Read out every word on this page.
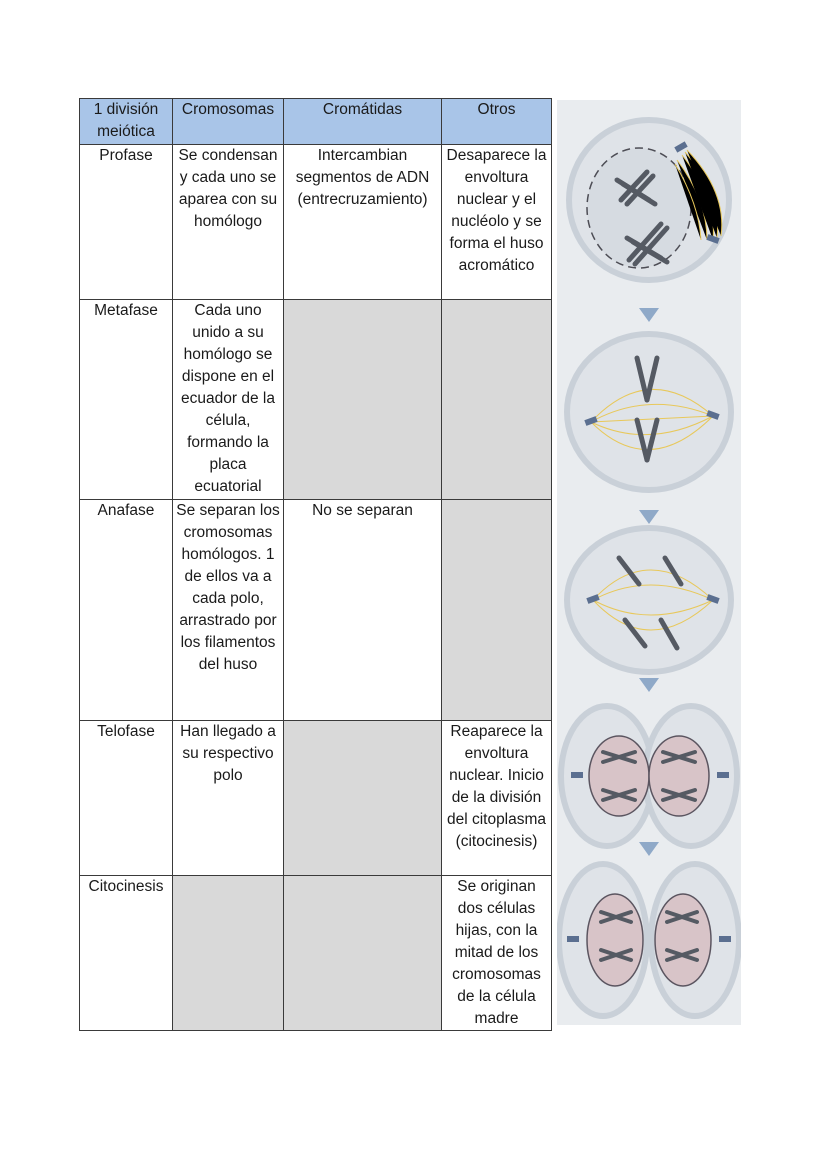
1 división meiótica	Cromosomas	Cromátidas	Otros
Profase	Se condensan y cada uno se aparea con su homólogo	Intercambian segmentos de ADN (entrecruzamiento)	Desaparece la envoltura nuclear y el nucléolo y se forma el huso acromático
Metafase	Cada uno unido a su homólogo se dispone en el ecuador de la célula, formando la placa ecuatorial		
Anafase	Se separan los cromosomas homólogos. 1 de ellos va a cada polo, arrastrado por los filamentos del huso	No se separan	
Telofase	Han llegado a su respectivo polo		Reaparece la envoltura nuclear. Inicio de la división del citoplasma (citocinesis)
Citocinesis			Se originan dos células hijas, con la mitad de los cromosomas de la célula madre
